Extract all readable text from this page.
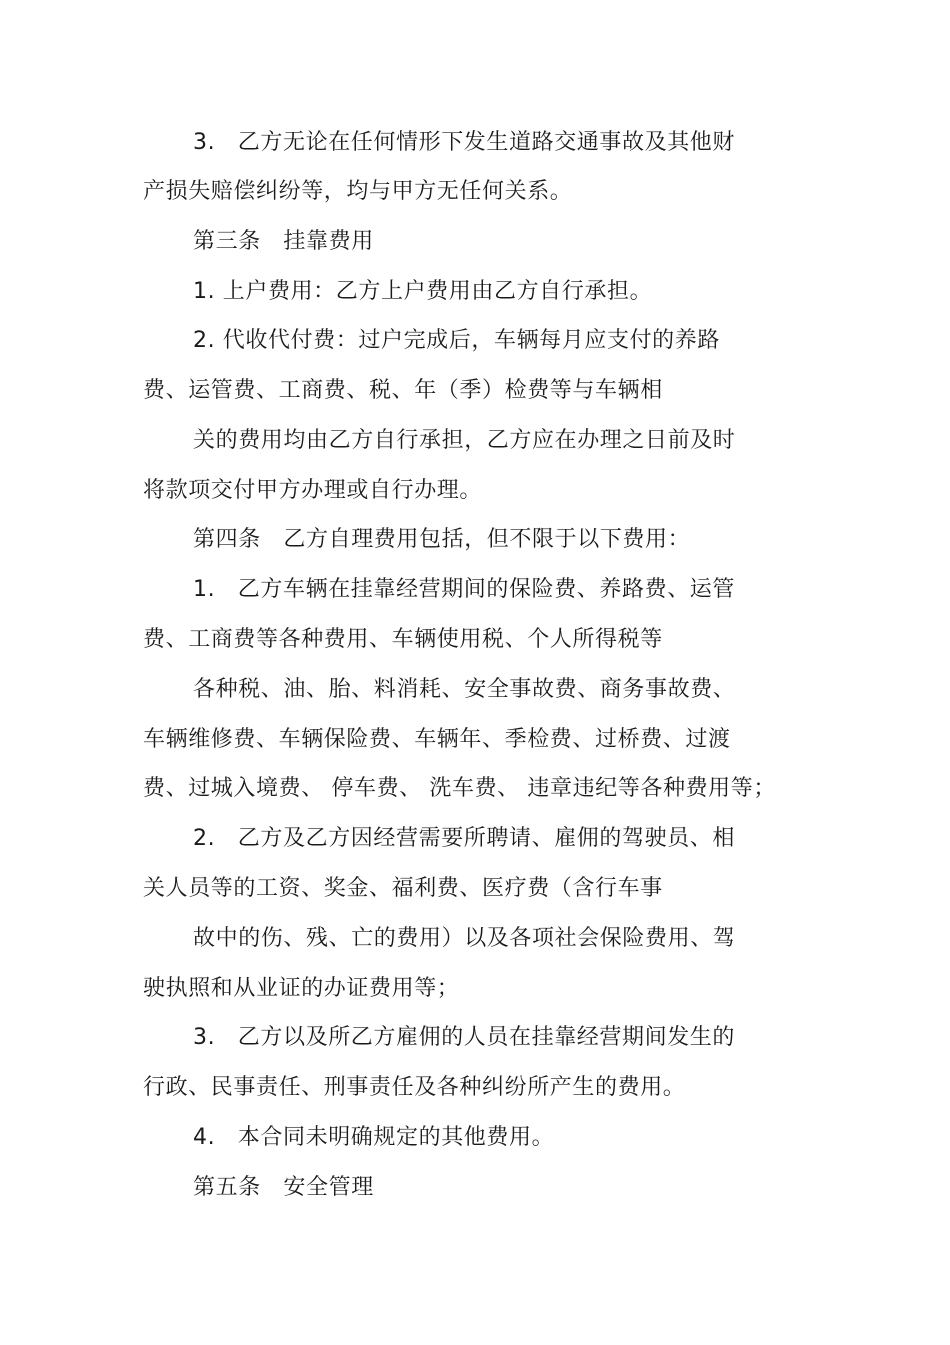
3.　乙方无论在任何情形下发生道路交通事故及其他财
产损失赔偿纠纷等，均与甲方无任何关系。
第三条　挂靠费用
1. 上户费用：乙方上户费用由乙方自行承担。
2. 代收代付费：过户完成后，车辆每月应支付的养路
费、运管费、工商费、税、年（季）检费等与车辆相
关的费用均由乙方自行承担，乙方应在办理之日前及时
将款项交付甲方办理或自行办理。
第四条　乙方自理费用包括，但不限于以下费用：
1.　乙方车辆在挂靠经营期间的保险费、养路费、运管
费、工商费等各种费用、车辆使用税、个人所得税等
各种税、油、胎、料消耗、安全事故费、商务事故费、
车辆维修费、车辆保险费、车辆年、季检费、过桥费、过渡
费、过城入境费、 停车费、 洗车费、 违章违纪等各种费用等；
2.　乙方及乙方因经营需要所聘请、雇佣的驾驶员、相
关人员等的工资、奖金、福利费、医疗费（含行车事
故中的伤、残、亡的费用）以及各项社会保险费用、驾
驶执照和从业证的办证费用等；
3.　乙方以及所乙方雇佣的人员在挂靠经营期间发生的
行政、民事责任、刑事责任及各种纠纷所产生的费用。
4.　本合同未明确规定的其他费用。
第五条　安全管理
